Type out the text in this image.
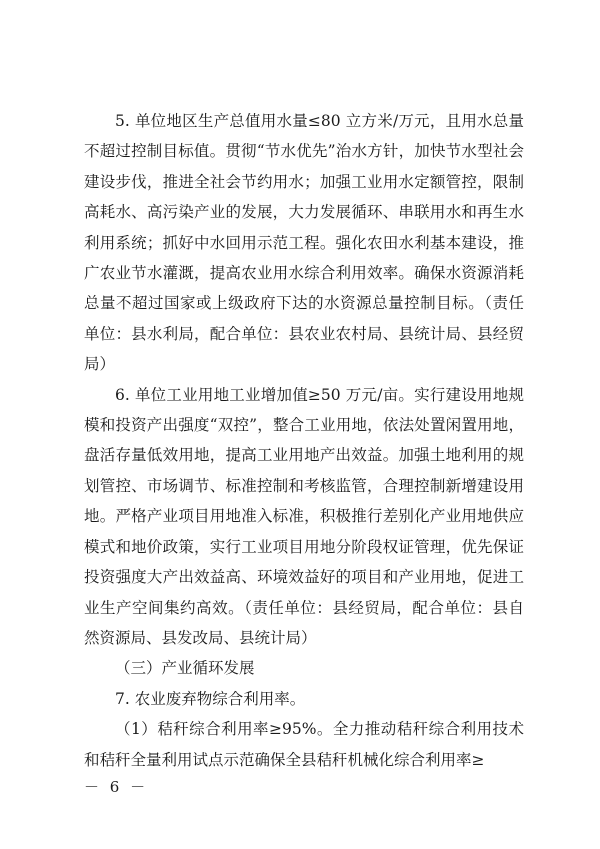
5. 单位地区生产总值用水量≤80 立方米/万元，且用水总量不超过控制目标值。贯彻“节水优先”治水方针，加快节水型社会建设步伐，推进全社会节约用水；加强工业用水定额管控，限制高耗水、高污染产业的发展，大力发展循环、串联用水和再生水利用系统；抓好中水回用示范工程。强化农田水利基本建设，推广农业节水灌溉，提高农业用水综合利用效率。确保水资源消耗总量不超过国家或上级政府下达的水资源总量控制目标。（责任单位：县水利局，配合单位：县农业农村局、县统计局、县经贸局）

6. 单位工业用地工业增加值≥50 万元/亩。实行建设用地规模和投资产出强度“双控”，整合工业用地，依法处置闲置用地，盘活存量低效用地，提高工业用地产出效益。加强土地利用的规划管控、市场调节、标准控制和考核监管，合理控制新增建设用地。严格产业项目用地准入标准，积极推行差别化产业用地供应模式和地价政策，实行工业项目用地分阶段权证管理，优先保证投资强度大产出效益高、环境效益好的项目和产业用地，促进工业生产空间集约高效。（责任单位：县经贸局，配合单位：县自然资源局、县发改局、县统计局）

（三）产业循环发展

7. 农业废弃物综合利用率。

（1）秸秆综合利用率≥95%。全力推动秸秆综合利用技术和秸秆全量利用试点示范确保全县秸秆机械化综合利用率≥

－ 6 －
